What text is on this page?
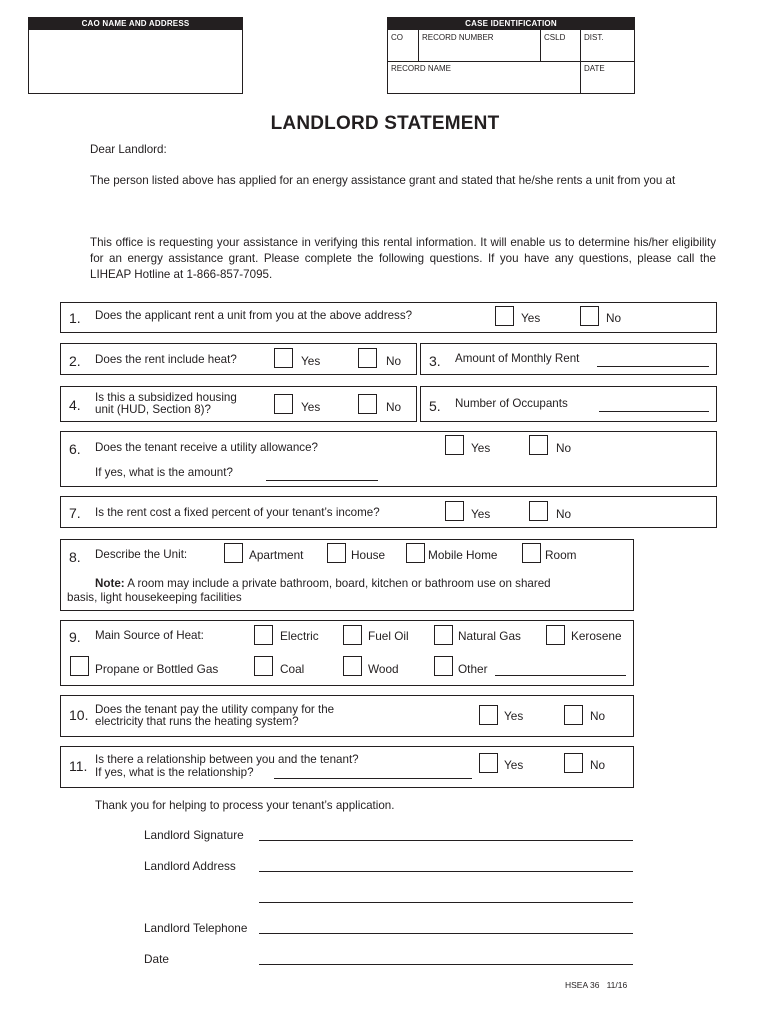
CAO NAME AND ADDRESS	CASE IDENTIFICATION
CO RECORD NUMBER	CSLD DIST.
RECORD NAME	DATE
LANDLORD STATEMENT
Dear Landlord:
The person listed above has applied for an energy assistance grant and stated that he/she rents a unit from you at
This office is requesting your assistance in verifying this rental information. It will enable us to determine his/her eligibility for an energy assistance grant. Please complete the following questions. If you have any questions, please call the LIHEAP Hotline at 1-866-857-7095.
1. Does the applicant rent a unit from you at the above address?	Yes	No
2. Does the rent include heat?	Yes	No 3. Amount of Monthly Rent
4. Is this a subsidized housing
unit (HUD, Section 8)?	Yes	No 5. Number of Occupants
6. Does the tenant receive a utility allowance?	Yes	No
If yes, what is the amount?
7. Is the rent cost a fixed percent of your tenant’s income?	Yes	No
8. Describe the Unit:	Apartment	House	Mobile Home	Room
Note: A room may include a private bathroom, board, kitchen or bathroom use on shared
basis, light housekeeping facilities
9. Main Source of Heat:	Electric	Fuel Oil	Natural Gas	Kerosene
Propane or Bottled Gas	Coal	Wood	Other
10. Does the tenant pay the utility company for the
electricity that runs the heating system?	Yes	No
11. Is there a relationship between you and the tenant?
If yes, what is the relationship?
Yes	No
Thank you for helping to process your tenant’s application.
Landlord Signature
Landlord Address
Landlord Telephone
Date
HSEA 36   11/16
